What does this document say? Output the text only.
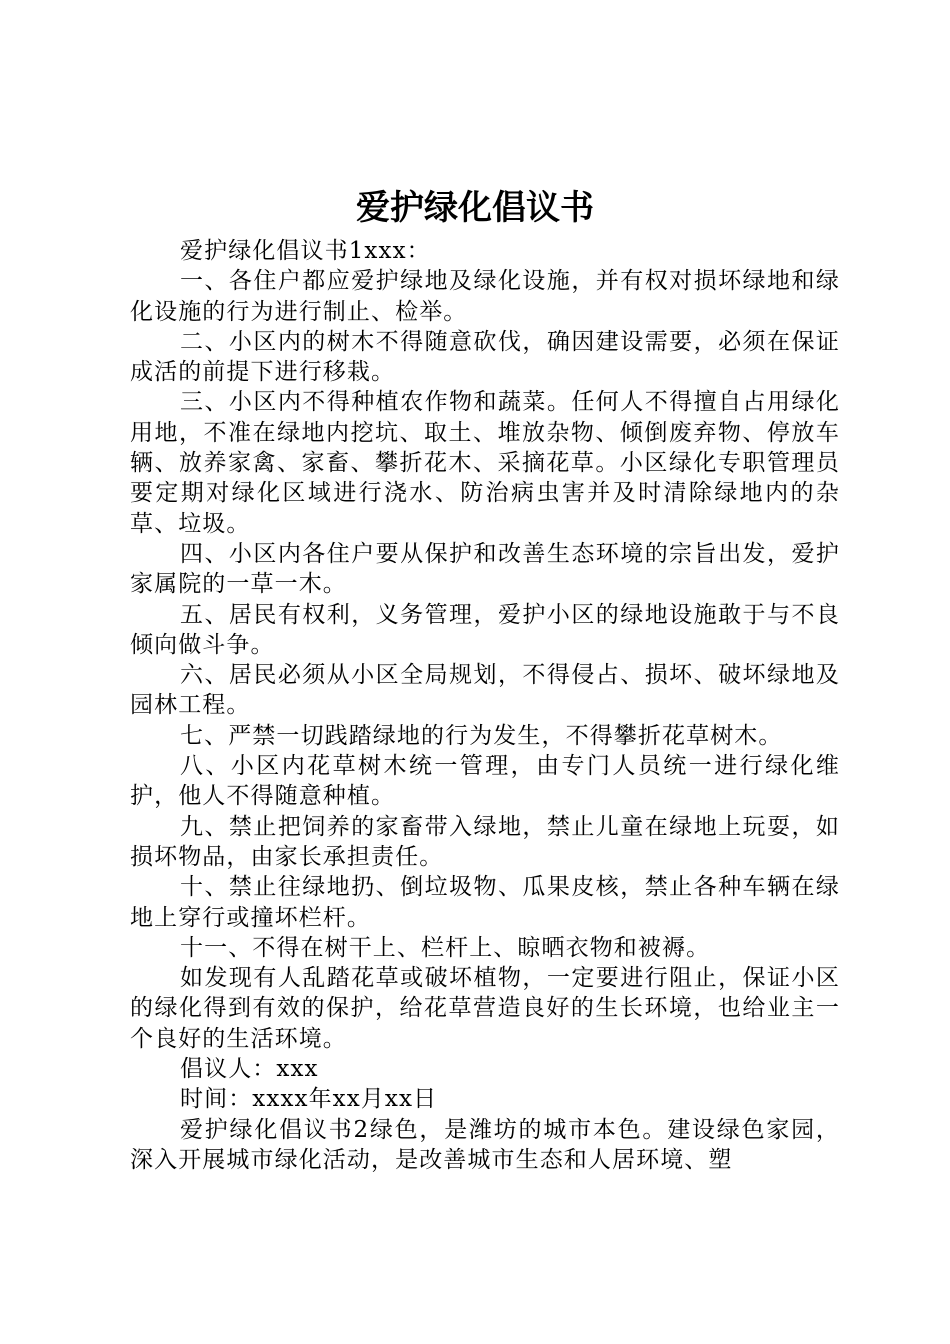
爱护绿化倡议书

爱护绿化倡议书1xxx：

一、各住户都应爱护绿地及绿化设施，并有权对损坏绿地和绿化设施的行为进行制止、检举。

二、小区内的树木不得随意砍伐，确因建设需要，必须在保证成活的前提下进行移栽。

三、小区内不得种植农作物和蔬菜。任何人不得擅自占用绿化用地，不准在绿地内挖坑、取土、堆放杂物、倾倒废弃物、停放车辆、放养家禽、家畜、攀折花木、采摘花草。小区绿化专职管理员要定期对绿化区域进行浇水、防治病虫害并及时清除绿地内的杂草、垃圾。

四、小区内各住户要从保护和改善生态环境的宗旨出发，爱护家属院的一草一木。

五、居民有权利，义务管理，爱护小区的绿地设施敢于与不良倾向做斗争。

六、居民必须从小区全局规划，不得侵占、损坏、破坏绿地及园林工程。

七、严禁一切践踏绿地的行为发生，不得攀折花草树木。

八、小区内花草树木统一管理，由专门人员统一进行绿化维护，他人不得随意种植。

九、禁止把饲养的家畜带入绿地，禁止儿童在绿地上玩耍，如损坏物品，由家长承担责任。

十、禁止往绿地扔、倒垃圾物、瓜果皮核，禁止各种车辆在绿地上穿行或撞坏栏杆。

十一、不得在树干上、栏杆上、晾晒衣物和被褥。

如发现有人乱踏花草或破坏植物，一定要进行阻止，保证小区的绿化得到有效的保护，给花草营造良好的生长环境，也给业主一个良好的生活环境。

倡议人：xxx

时间：xxxx年xx月xx日

爱护绿化倡议书2绿色，是潍坊的城市本色。建设绿色家园，深入开展城市绿化活动，是改善城市生态和人居环境、塑
